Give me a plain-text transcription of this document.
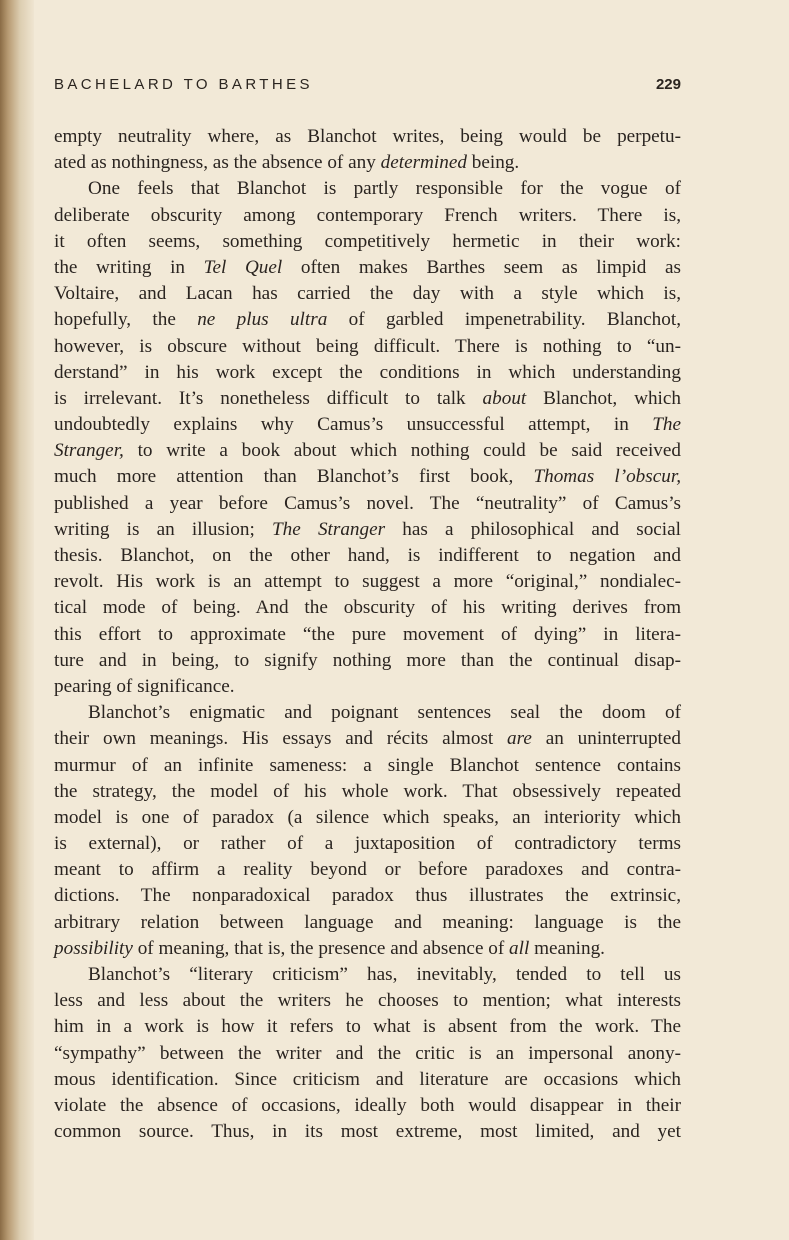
BACHELARD TO BARTHES	229
empty neutrality where, as Blanchot writes, being would be perpetu-
ated as nothingness, as the absence of any determined being.
One feels that Blanchot is partly responsible for the vogue of
deliberate obscurity among contemporary French writers. There is,
it often seems, something competitively hermetic in their work:
the writing in Tel Quel often makes Barthes seem as limpid as
Voltaire, and Lacan has carried the day with a style which is,
hopefully, the ne plus ultra of garbled impenetrability. Blanchot,
however, is obscure without being difficult. There is nothing to “un-
derstand” in his work except the conditions in which understanding
is irrelevant. It’s nonetheless difficult to talk about Blanchot, which
undoubtedly explains why Camus’s unsuccessful attempt, in The
Stranger, to write a book about which nothing could be said received
much more attention than Blanchot’s first book, Thomas l’obscur,
published a year before Camus’s novel. The “neutrality” of Camus’s
writing is an illusion; The Stranger has a philosophical and social
thesis. Blanchot, on the other hand, is indifferent to negation and
revolt. His work is an attempt to suggest a more “original,” nondialec-
tical mode of being. And the obscurity of his writing derives from
this effort to approximate “the pure movement of dying” in litera-
ture and in being, to signify nothing more than the continual disap-
pearing of significance.
Blanchot’s enigmatic and poignant sentences seal the doom of
their own meanings. His essays and récits almost are an uninterrupted
murmur of an infinite sameness: a single Blanchot sentence contains
the strategy, the model of his whole work. That obsessively repeated
model is one of paradox (a silence which speaks, an interiority which
is external), or rather of a juxtaposition of contradictory terms
meant to affirm a reality beyond or before paradoxes and contra-
dictions. The nonparadoxical paradox thus illustrates the extrinsic,
arbitrary relation between language and meaning: language is the
possibility of meaning, that is, the presence and absence of all meaning.
Blanchot’s “literary criticism” has, inevitably, tended to tell us
less and less about the writers he chooses to mention; what interests
him in a work is how it refers to what is absent from the work. The
“sympathy” between the writer and the critic is an impersonal anony-
mous identification. Since criticism and literature are occasions which
violate the absence of occasions, ideally both would disappear in their
common source. Thus, in its most extreme, most limited, and yet
